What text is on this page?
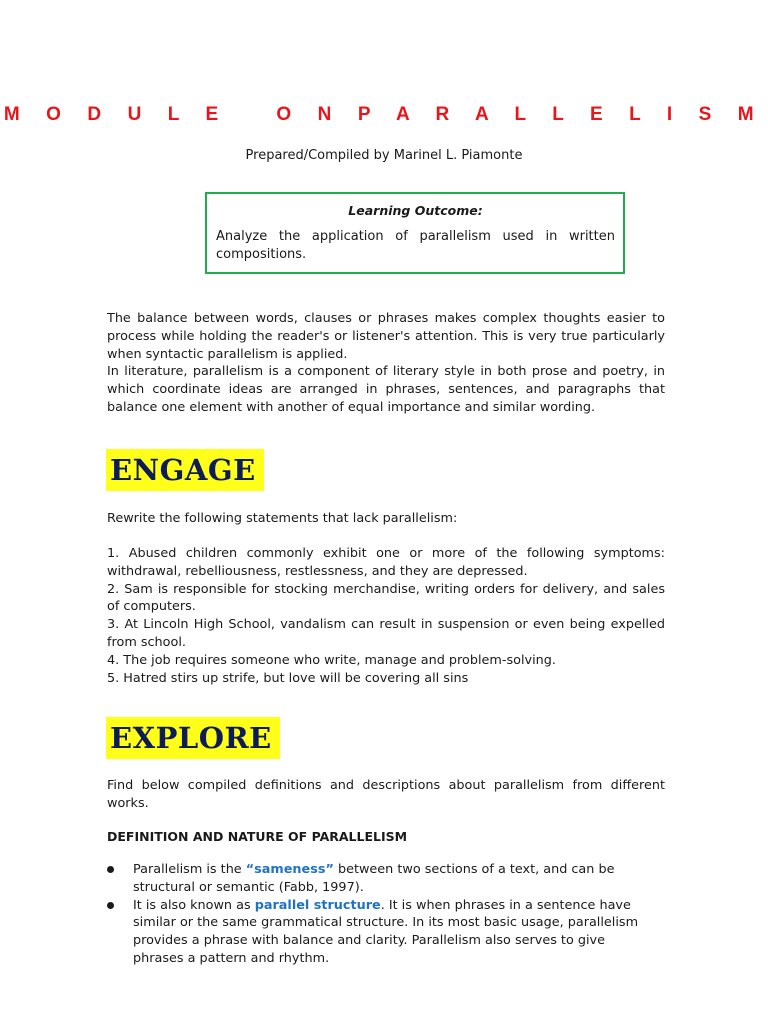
M O D U L E   O N P A R A L L E L I S M
Prepared/Compiled by Marinel L. Piamonte
Learning Outcome:
Analyze the application of parallelism used in written compositions.
The balance between words, clauses or phrases makes complex thoughts easier to process while holding the reader's or listener's attention. This is very true particularly when syntactic parallelism is applied.
In literature, parallelism is a component of literary style in both prose and poetry, in which coordinate ideas are arranged in phrases, sentences, and paragraphs that balance one element with another of equal importance and similar wording.
ENGAGE
Rewrite the following statements that lack parallelism:
1. Abused children commonly exhibit one or more of the following symptoms: withdrawal, rebelliousness, restlessness, and they are depressed.
2. Sam is responsible for stocking merchandise, writing orders for delivery, and sales of computers.
3. At Lincoln High School, vandalism can result in suspension or even being expelled from school.
4. The job requires someone who write, manage and problem-solving.
5. Hatred stirs up strife, but love will be covering all sins
EXPLORE
Find below compiled definitions and descriptions about parallelism from different works.
DEFINITION AND NATURE OF PARALLELISM
Parallelism is the “sameness” between two sections of a text, and can be structural or semantic (Fabb, 1997).
It is also known as parallel structure. It is when phrases in a sentence have similar or the same grammatical structure. In its most basic usage, parallelism provides a phrase with balance and clarity. Parallelism also serves to give phrases a pattern and rhythm.
